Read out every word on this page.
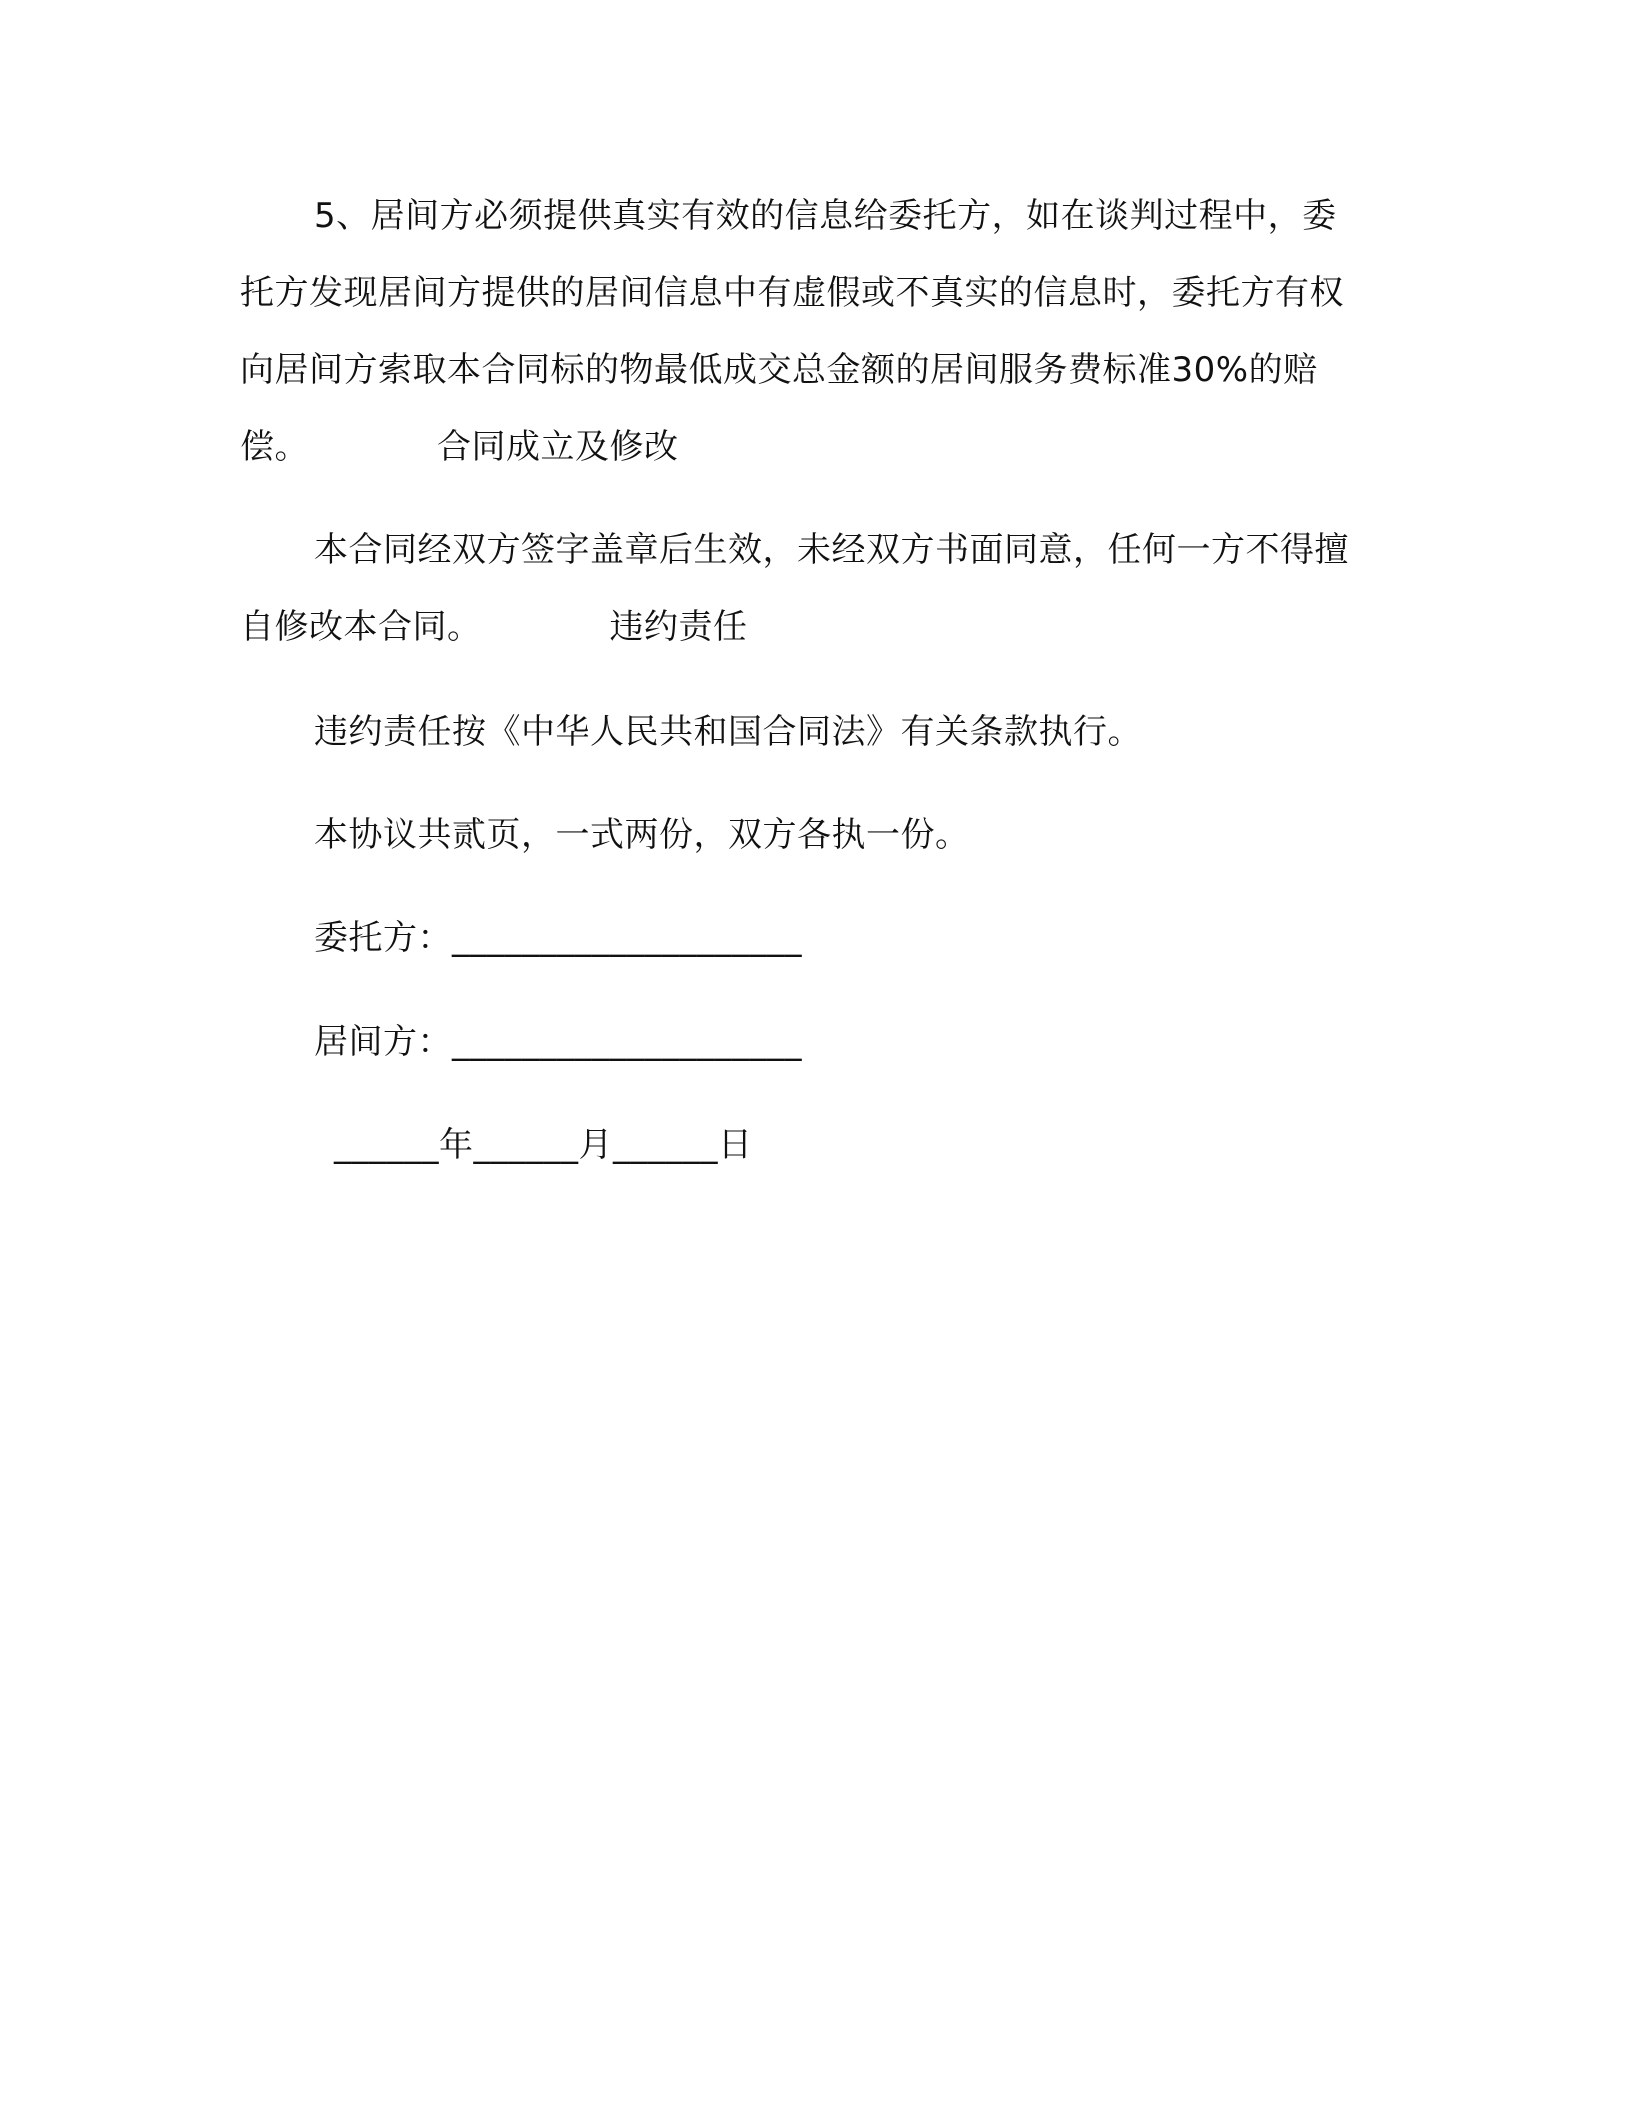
5、居间方必须提供真实有效的信息给委托方，如在谈判过程中，委托方发现居间方提供的居间信息中有虚假或不真实的信息时，委托方有权向居间方索取本合同标的物最低成交总金额的居间服务费标准30%的赔偿。	合同成立及修改

本合同经双方签字盖章后生效，未经双方书面同意，任何一方不得擅自修改本合同。	违约责任

违约责任按《中华人民共和国合同法》有关条款执行。
本协议共贰页，一式两份，双方各执一份。
委托方：____________________
居间方：____________________
______年______月______日
